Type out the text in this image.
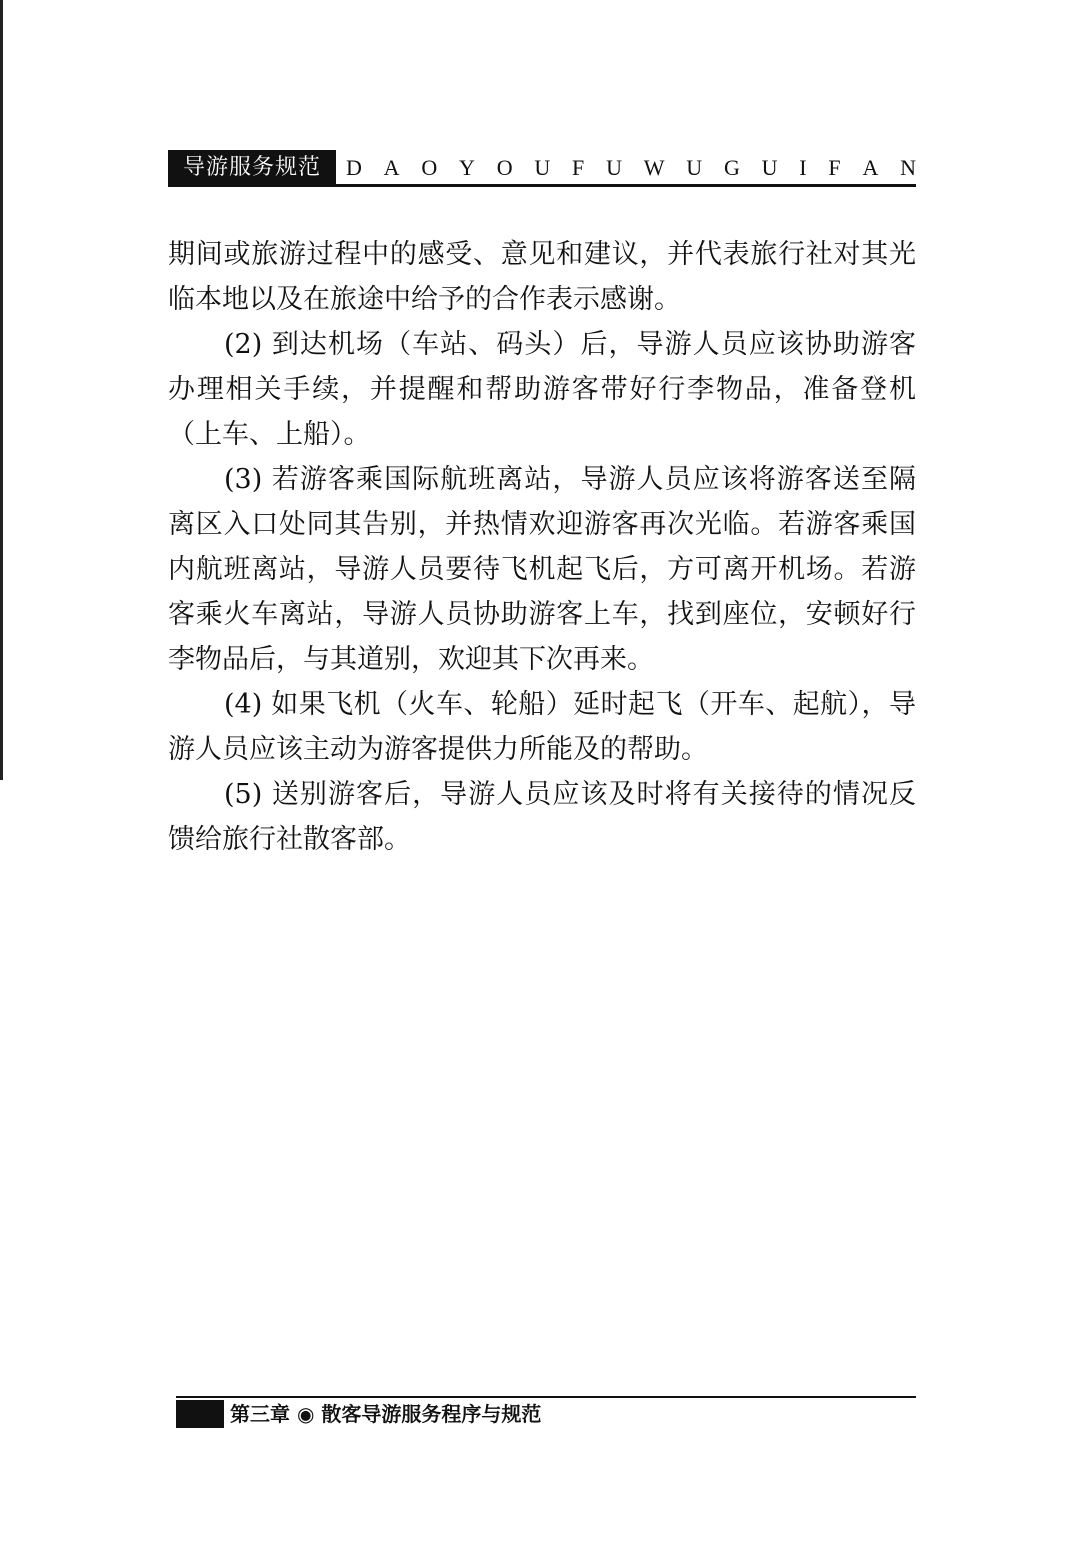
导游服务规范	D A O Y O U F U W U G U I F A N

期间或旅游过程中的感受、意见和建议，并代表旅行社对其光临本地以及在旅途中给予的合作表示感谢。

(2) 到达机场（车站、码头）后，导游人员应该协助游客办理相关手续，并提醒和帮助游客带好行李物品，准备登机（上车、上船）。

(3) 若游客乘国际航班离站，导游人员应该将游客送至隔离区入口处同其告别，并热情欢迎游客再次光临。若游客乘国内航班离站，导游人员要待飞机起飞后，方可离开机场。若游客乘火车离站，导游人员协助游客上车，找到座位，安顿好行李物品后，与其道别，欢迎其下次再来。

(4) 如果飞机（火车、轮船）延时起飞（开车、起航），导游人员应该主动为游客提供力所能及的帮助。

(5) 送别游客后，导游人员应该及时将有关接待的情况反馈给旅行社散客部。

第三章 ◉ 散客导游服务程序与规范
